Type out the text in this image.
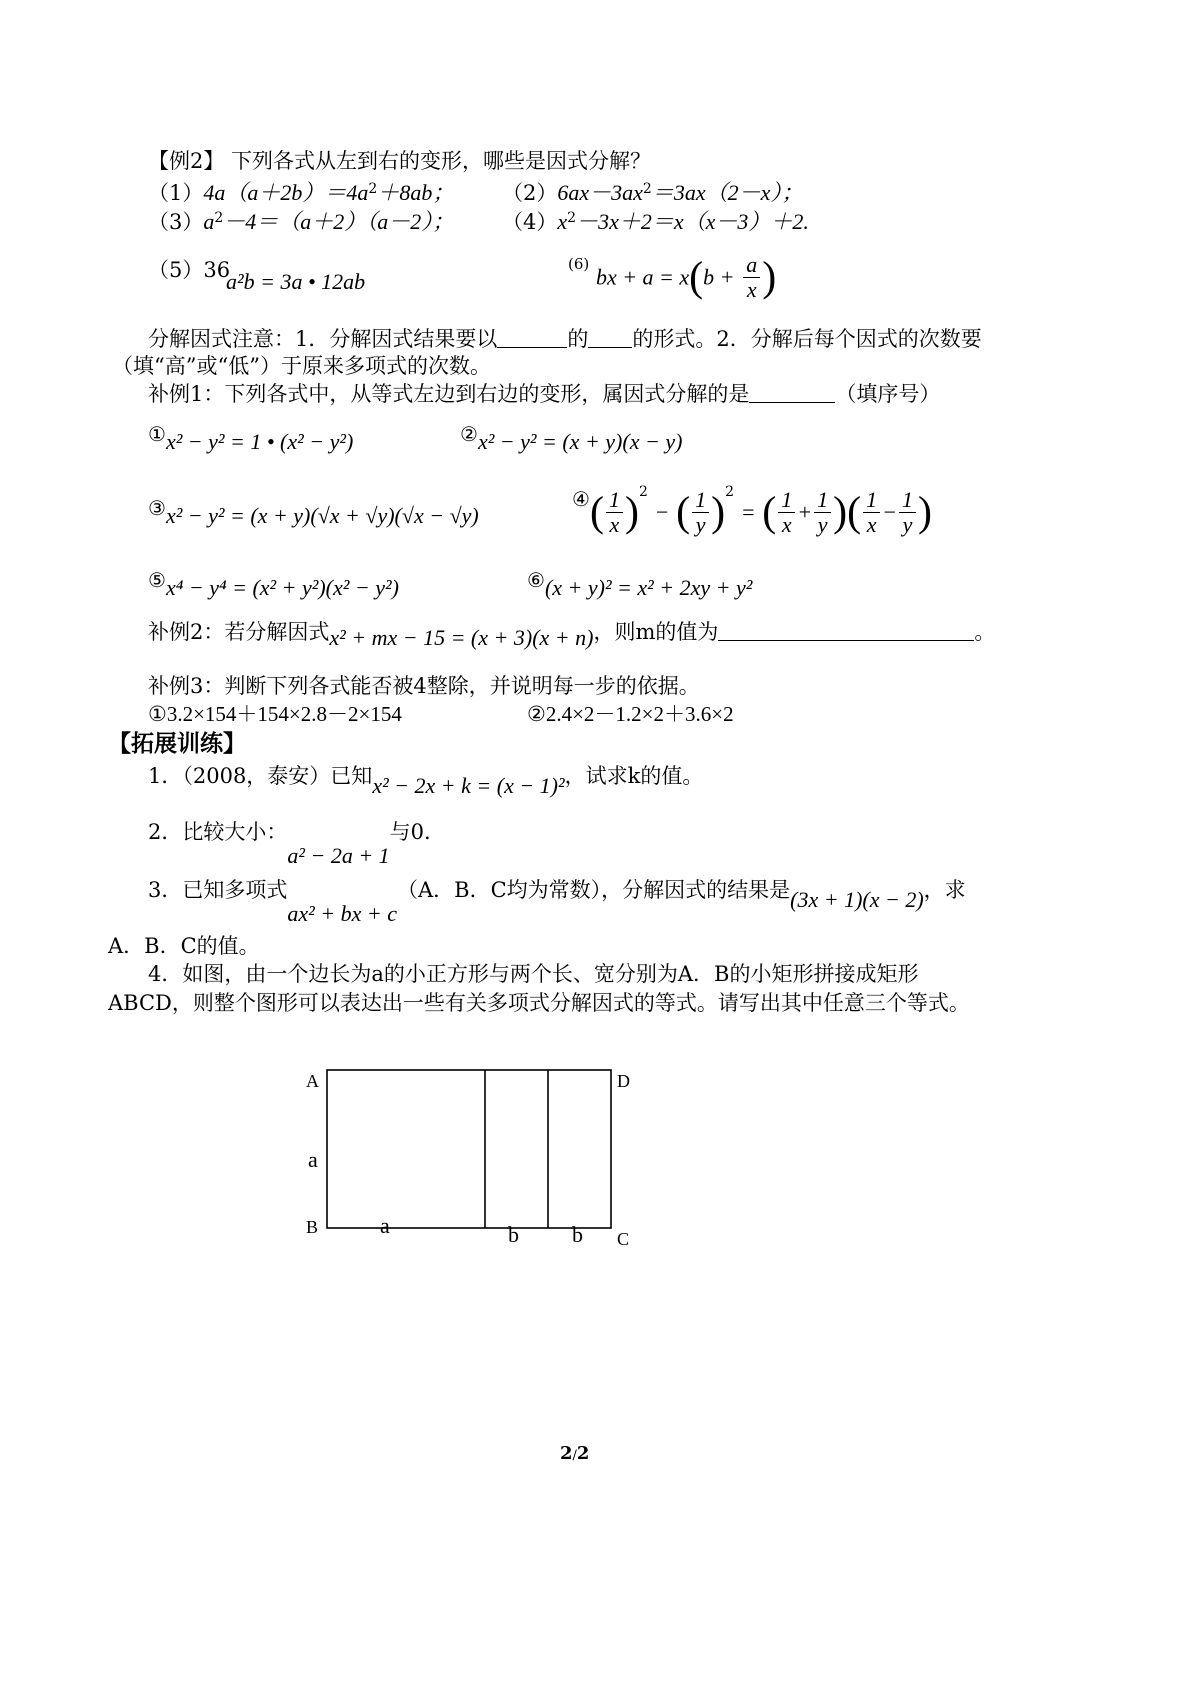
【例2】 下列各式从左到右的变形，哪些是因式分解？
$(1)4a(a+2b)=4a^2+8ab$； $(2)6ax-3ax^2=3ax(2-x)$；
$(3)a^2-4=(a+2)(a-2)$； $(4)x^2-3x+2=x(x-3)+2$.
（5）36
a²b = 3a • 12ab
$^{(6)}$ bx + $a = x(b + \frac{a}{x}$ )
分解因式注意：1．分解因式结果要以	的 的形式。2．分解后每个因式的次数要
（填“高”或“低”）于原来多项式的次数。
补例1：下列各式中，从等式左边到右边的变形，属因式分解的是	（填序号）
①x² − y² = 1 • (x² − y²)	②x² − y² = (x + y)(x − y)
③x² − y² = (x + y)(√x + √y)(√x − √y)
④( $\frac{1}{x} )^2$ − ( $\frac{1}{y} )^2$ = ( $\frac{1}{x} + \frac{1}{y}$ )( $\frac{1}{x} - \frac{1}{y}$ )
⑤x⁴ − y⁴ = (x² + y²)(x² − y²)	⑥(x + y)² = x² + 2xy + y²
补例2：若分解因式x² + mx − 15 = (x + 3)(x + n)，则m的值为	。
补例3：判断下列各式能否被4整除，并说明每一步的依据。
①3.2×154＋154×2.8－2×154	②2.4×2－1.2×2＋3.6×2
【拓展训练】
1．（2008，泰安）已知x² − 2x + k = (x − 1)²，试求k的值。
2．比较大小：a² − 2a + 1与0.
3．已知多项式ax² + bx + c（A．B．C均为常数），分解因式的结果是(3x + 1)(x − 2)，求
A．B．C的值。
4．如图，由一个边长为a的小正方形与两个长、宽分别为A．B的小矩形拼接成矩形
ABCD，则整个图形可以表达出一些有关多项式分解因式的等式。请写出其中任意三个等式。
A	D
B
C
a
a	b b
2/2
